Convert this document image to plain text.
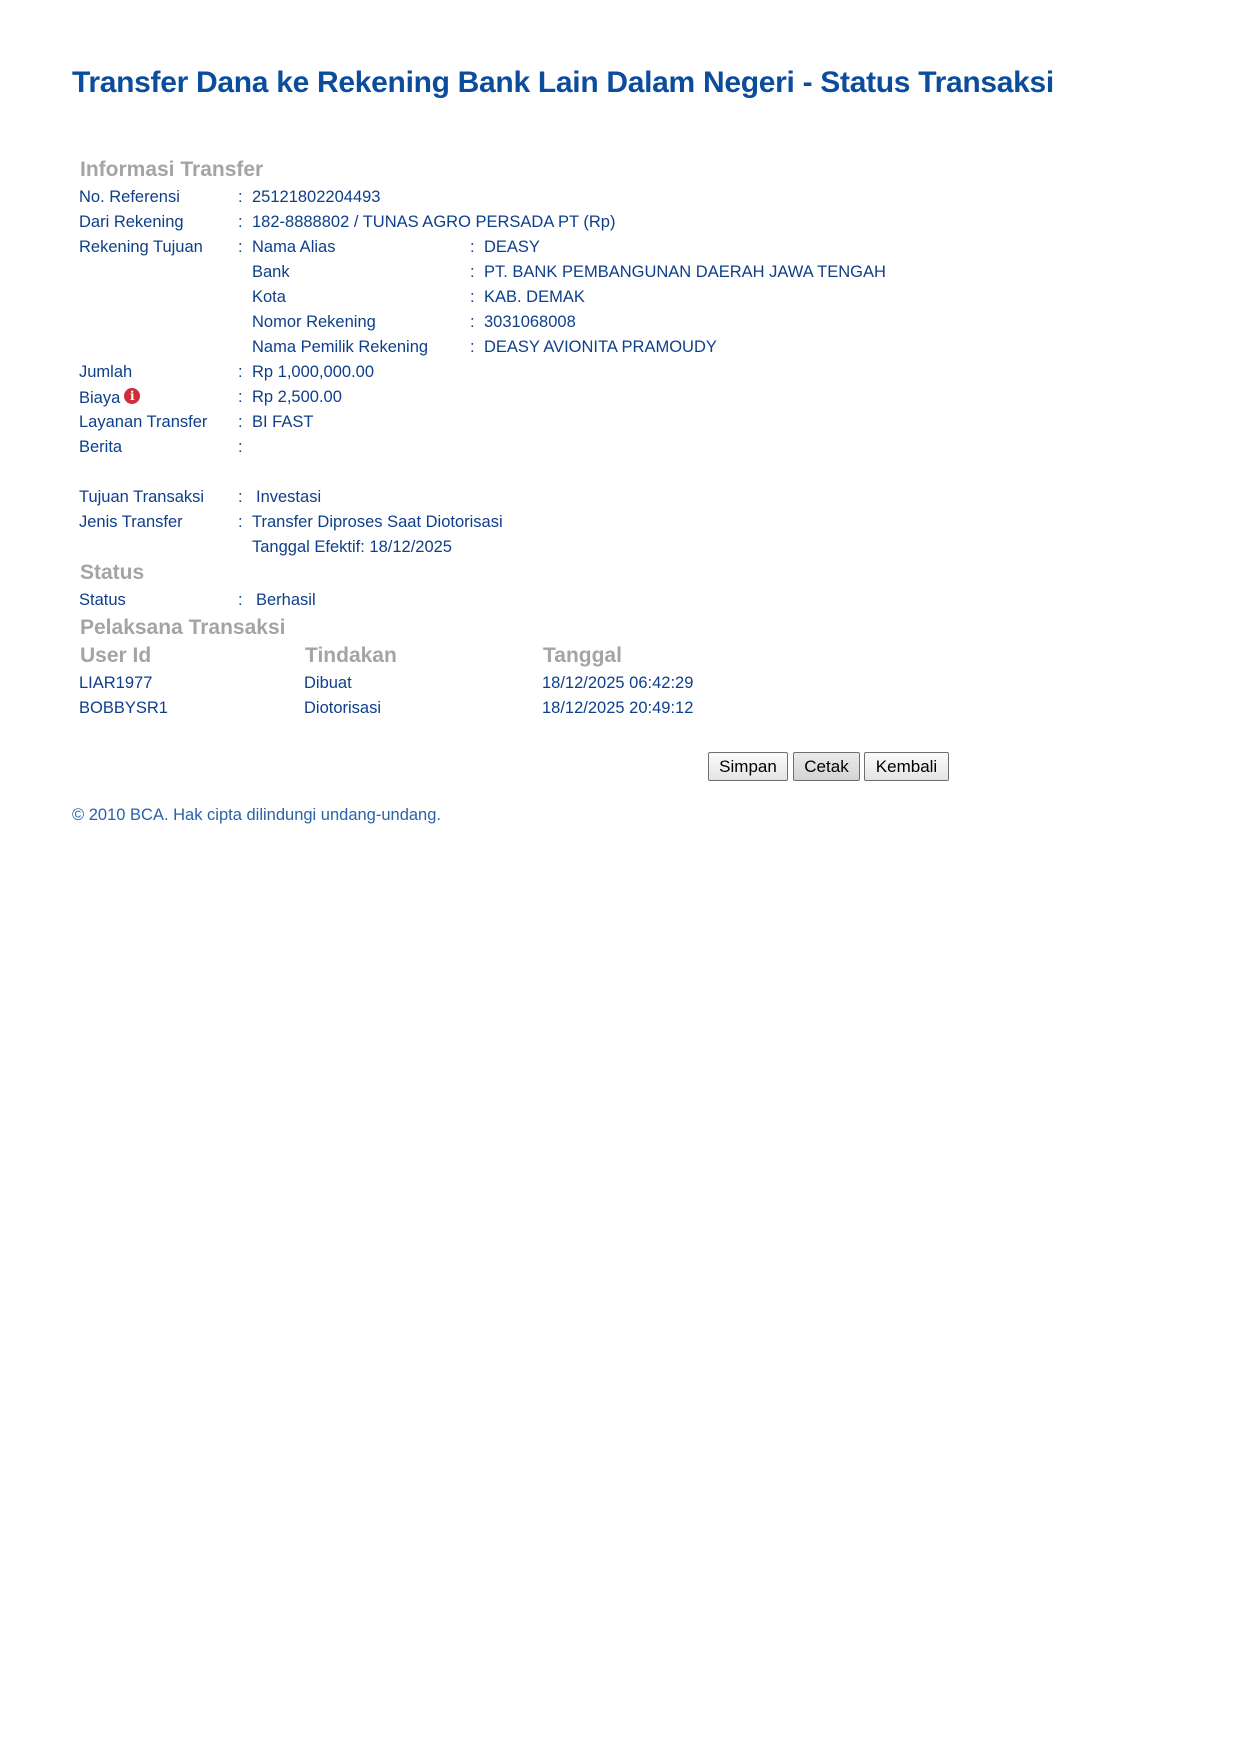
Transfer Dana ke Rekening Bank Lain Dalam Negeri - Status Transaksi
Informasi Transfer
No. Referensi	: 25121802204493
Dari Rekening	: 182-8888802 / TUNAS AGRO PERSADA PT (Rp)
Rekening Tujuan : Nama Alias	: DEASY
Bank	: PT. BANK PEMBANGUNAN DAERAH JAWA TENGAH
Kota	: KAB. DEMAK
Nomor Rekening	: 3031068008
Nama Pemilik Rekening	: DEASY AVIONITA PRAMOUDY
Jumlah	: Rp 1,000,000.00
Biaya i	: Rp 2,500.00
Layanan Transfer : BI FAST
Berita	:
Tujuan Transaksi : Investasi
Jenis Transfer	: Transfer Diproses Saat Diotorisasi
Tanggal Efektif: 18/12/2025
Status
Status	: Berhasil
Pelaksana Transaksi
User Id	Tindakan	Tanggal
LIAR1977	Dibuat	18/12/2025 06:42:29
BOBBYSR1	Diotorisasi	18/12/2025 20:49:12
Simpan	Cetak	Kembali
© 2010 BCA. Hak cipta dilindungi undang-undang.
